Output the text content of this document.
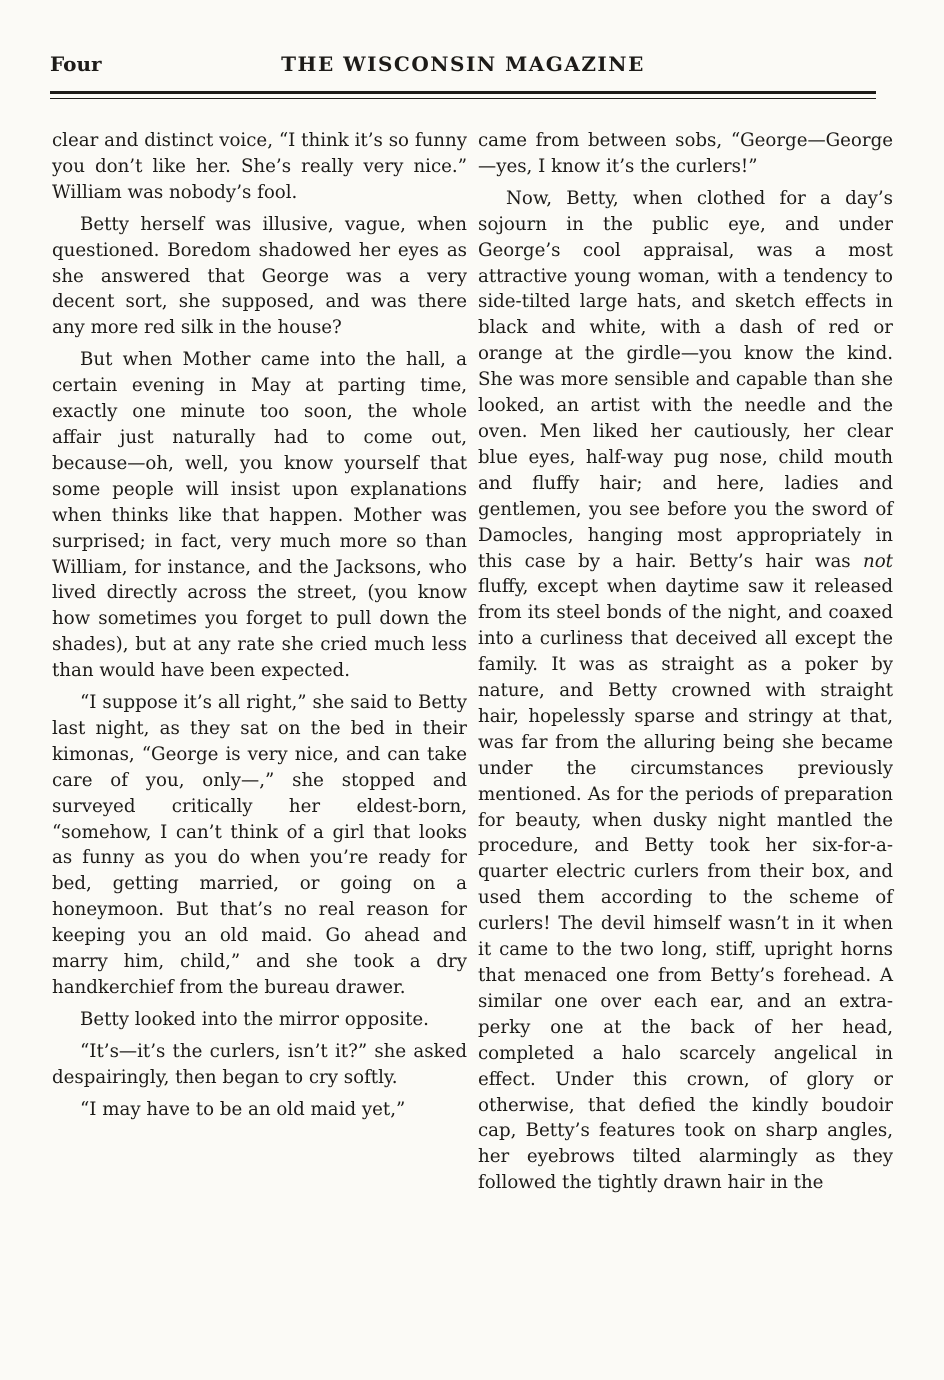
Four	THE WISCONSIN MAGAZINE

clear and distinct voice, “I think it’s so funny you don’t like her. She’s really very nice.” William was nobody’s fool.

Betty herself was illusive, vague, when questioned. Boredom shadowed her eyes as she answered that George was a very decent sort, she supposed, and was there any more red silk in the house?

But when Mother came into the hall, a certain evening in May at parting time, exactly one minute too soon, the whole affair just naturally had to come out, because—oh, well, you know yourself that some people will insist upon explanations when thinks like that happen. Mother was surprised; in fact, very much more so than William, for instance, and the Jacksons, who lived directly across the street, (you know how sometimes you forget to pull down the shades), but at any rate she cried much less than would have been expected.

“I suppose it’s all right,” she said to Betty last night, as they sat on the bed in their kimonas, “George is very nice, and can take care of you, only—,” she stopped and surveyed critically her eldest-born, “somehow, I can’t think of a girl that looks as funny as you do when you’re ready for bed, getting married, or going on a honeymoon. But that’s no real reason for keeping you an old maid. Go ahead and marry him, child,” and she took a dry handkerchief from the bureau drawer.

Betty looked into the mirror opposite.

“It’s—it’s the curlers, isn’t it?” she asked despairingly, then began to cry softly.

“I may have to be an old maid yet,”

came from between sobs, “George—George—yes, I know it’s the curlers!”

Now, Betty, when clothed for a day’s sojourn in the public eye, and under George’s cool appraisal, was a most attractive young woman, with a tendency to side-tilted large hats, and sketch effects in black and white, with a dash of red or orange at the girdle—you know the kind. She was more sensible and capable than she looked, an artist with the needle and the oven. Men liked her cautiously, her clear blue eyes, half-way pug nose, child mouth and fluffy hair; and here, ladies and gentlemen, you see before you the sword of Damocles, hanging most appropriately in this case by a hair. Betty’s hair was not fluffy, except when daytime saw it released from its steel bonds of the night, and coaxed into a curliness that deceived all except the family. It was as straight as a poker by nature, and Betty crowned with straight hair, hopelessly sparse and stringy at that, was far from the alluring being she became under the circumstances previously mentioned. As for the periods of preparation for beauty, when dusky night mantled the procedure, and Betty took her six-for-a-quarter electric curlers from their box, and used them according to the scheme of curlers! The devil himself wasn’t in it when it came to the two long, stiff, upright horns that menaced one from Betty’s forehead. A similar one over each ear, and an extra-perky one at the back of her head, completed a halo scarcely angelical in effect. Under this crown, of glory or otherwise, that defied the kindly boudoir cap, Betty’s features took on sharp angles, her eyebrows tilted alarmingly as they followed the tightly drawn hair in the
